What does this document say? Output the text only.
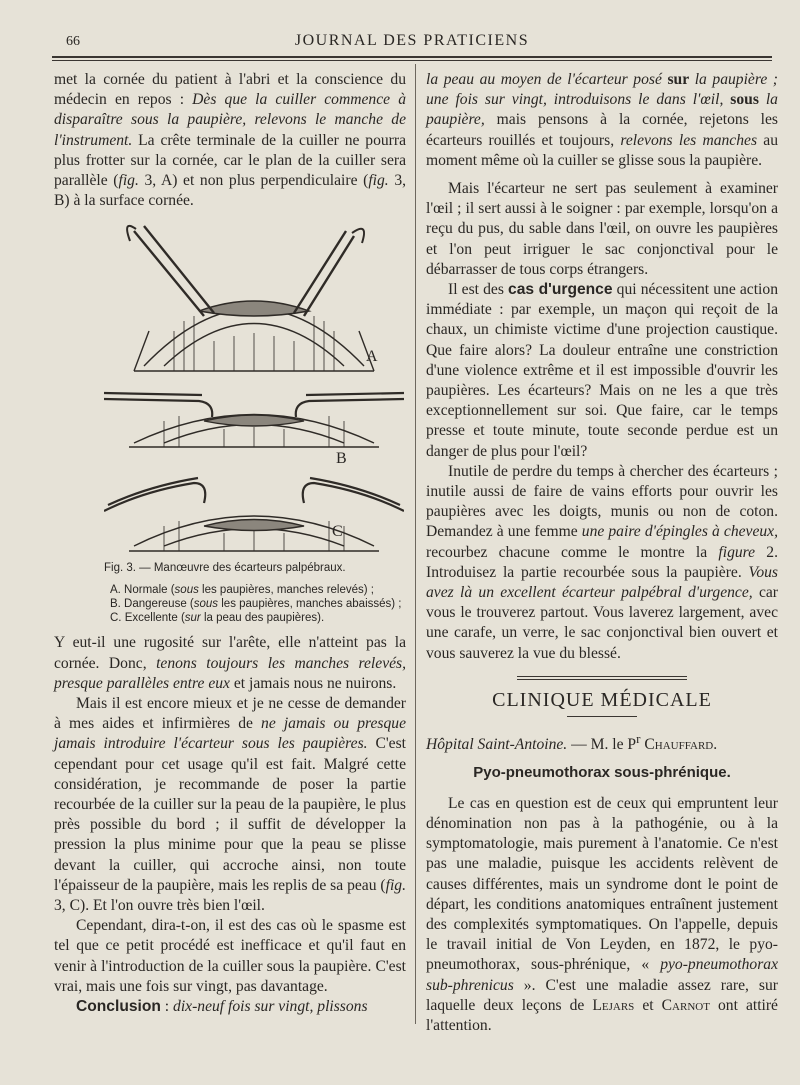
66	JOURNAL DES PRATICIENS

met la cornée du patient à l'abri et la conscience du médecin en repos : Dès que la cuiller commence à disparaître sous la paupière, relevons le manche de l'instrument. La crête terminale de la cuiller ne pourra plus frotter sur la cornée, car le plan de la cuiller sera parallèle (fig. 3, A) et non plus perpendiculaire (fig. 3, B) à la surface cornée.

A
B
C
Fig. 3. — Manœuvre des écarteurs palpébraux.
A. Normale (sous les paupières, manches relevés) ;
B. Dangereuse (sous les paupières, manches abaissés) ;
C. Excellente (sur la peau des paupières).

Y eut-il une rugosité sur l'arête, elle n'atteint pas la cornée. Donc, tenons toujours les manches relevés, presque parallèles entre eux et jamais nous ne nuirons.

Mais il est encore mieux et je ne cesse de demander à mes aides et infirmières de ne jamais ou presque jamais introduire l'écarteur sous les paupières. C'est cependant pour cet usage qu'il est fait. Malgré cette considération, je recommande de poser la partie recourbée de la cuiller sur la peau de la paupière, le plus près possible du bord ; il suffit de développer la pression la plus minime pour que la peau se plisse devant la cuiller, qui accroche ainsi, non toute l'épaisseur de la paupière, mais les replis de sa peau (fig. 3, C). Et l'on ouvre très bien l'œil.

Cependant, dira-t-on, il est des cas où le spasme est tel que ce petit procédé est inefficace et qu'il faut en venir à l'introduction de la cuiller sous la paupière. C'est vrai, mais une fois sur vingt, pas davantage.

Conclusion : dix-neuf fois sur vingt, plissons

la peau au moyen de l'écarteur posé sur la paupière ; une fois sur vingt, introduisons le dans l'œil, sous la paupière, mais pensons à la cornée, rejetons les écarteurs rouillés et toujours, relevons les manches au moment même où la cuiller se glisse sous la paupière.

Mais l'écarteur ne sert pas seulement à examiner l'œil ; il sert aussi à le soigner : par exemple, lorsqu'on a reçu du pus, du sable dans l'œil, on ouvre les paupières et l'on peut irriguer le sac conjonctival pour le débarrasser de tous corps étrangers.

Il est des cas d'urgence qui nécessitent une action immédiate : par exemple, un maçon qui reçoit de la chaux, un chimiste victime d'une projection caustique. Que faire alors? La douleur entraîne une constriction d'une violence extrême et il est impossible d'ouvrir les paupières. Les écarteurs? Mais on ne les a que très exceptionnellement sur soi. Que faire, car le temps presse et toute minute, toute seconde perdue est un danger de plus pour l'œil?

Inutile de perdre du temps à chercher des écarteurs ; inutile aussi de faire de vains efforts pour ouvrir les paupières avec les doigts, munis ou non de coton. Demandez à une femme une paire d'épingles à cheveux, recourbez chacune comme le montre la figure 2. Introduisez la partie recourbée sous la paupière. Vous avez là un excellent écarteur palpébral d'urgence, car vous le trouverez partout. Vous laverez largement, avec une carafe, un verre, le sac conjonctival bien ouvert et vous sauverez la vue du blessé.

CLINIQUE MÉDICALE
Hôpital Saint-Antoine. — M. le $P^r$ Chauffard.
Pyo-pneumothorax sous-phrénique.

Le cas en question est de ceux qui empruntent leur dénomination non pas à la pathogénie, ou à la symptomatologie, mais purement à l'anatomie. Ce n'est pas une maladie, puisque les accidents relèvent de causes différentes, mais un syndrome dont le point de départ, les conditions anatomiques entraînent justement des complexités symptomatiques. On l'appelle, depuis le travail initial de Von Leyden, en 1872, le pyo-pneumothorax, sous-phrénique, « pyo-pneumothorax sub-phrenicus ». C'est une maladie assez rare, sur laquelle deux leçons de Lejars et Carnot ont attiré l'attention.
